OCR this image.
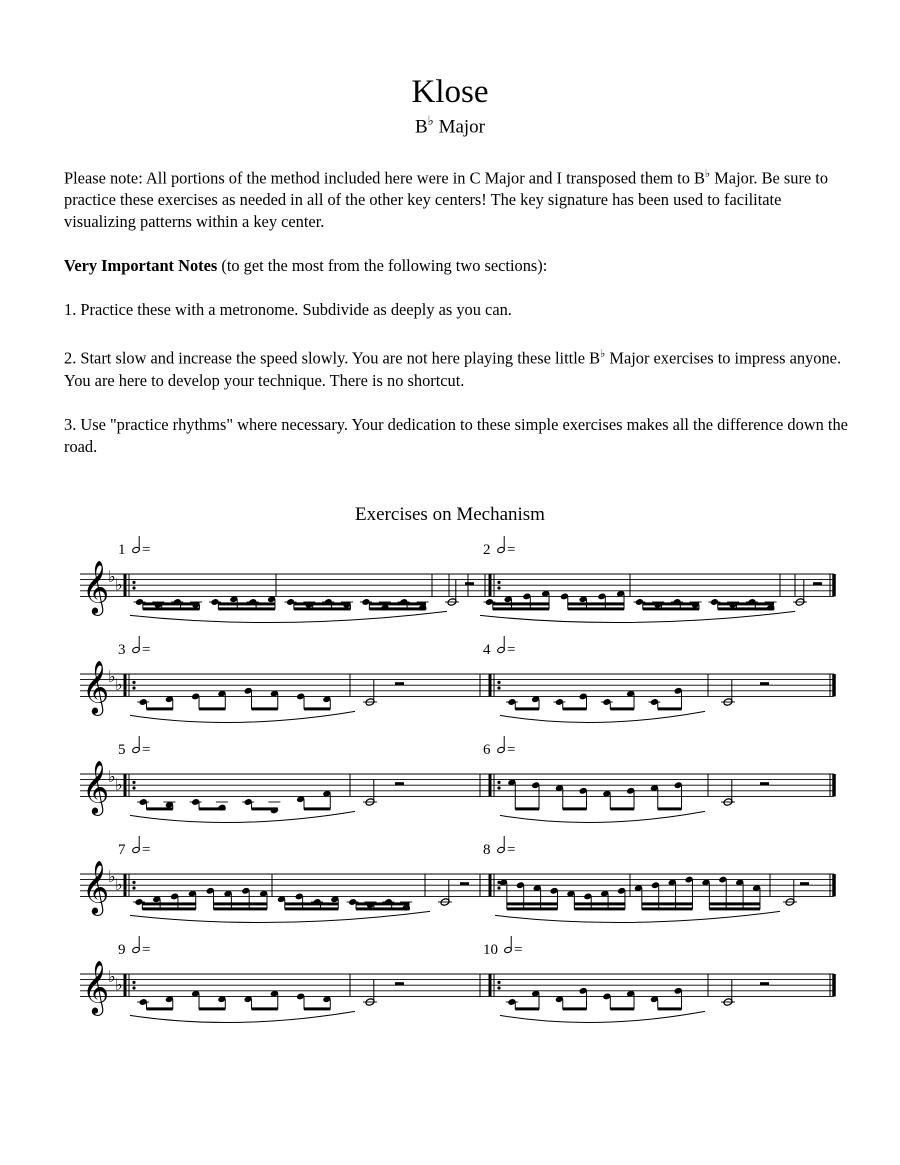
Klose
B♭ Major

Please note: All portions of the method included here were in C Major and I transposed them to B♭ Major. Be sure to practice these exercises as needed in all of the other key centers! The key signature has been used to facilitate visualizing patterns within a key center.

Very Important Notes (to get the most from the following two sections):

1. Practice these with a metronome. Subdivide as deeply as you can.

2. Start slow and increase the speed slowly. You are not here playing these little B♭ Major exercises to impress anyone. You are here to develop your technique. There is no shortcut.

3. Use "practice rhythms" where necessary. Your dedication to these simple exercises makes all the difference down the road.

Exercises on Mechanism
𝄞
♭ ♭
1 =	2 =
𝄞
♭ ♭
3 =	4 =
𝄞
♭ ♭
5 =	6 =
𝄞
♭ ♭
7 =	8 =
𝄞
♭ ♭
9 =	10 =
